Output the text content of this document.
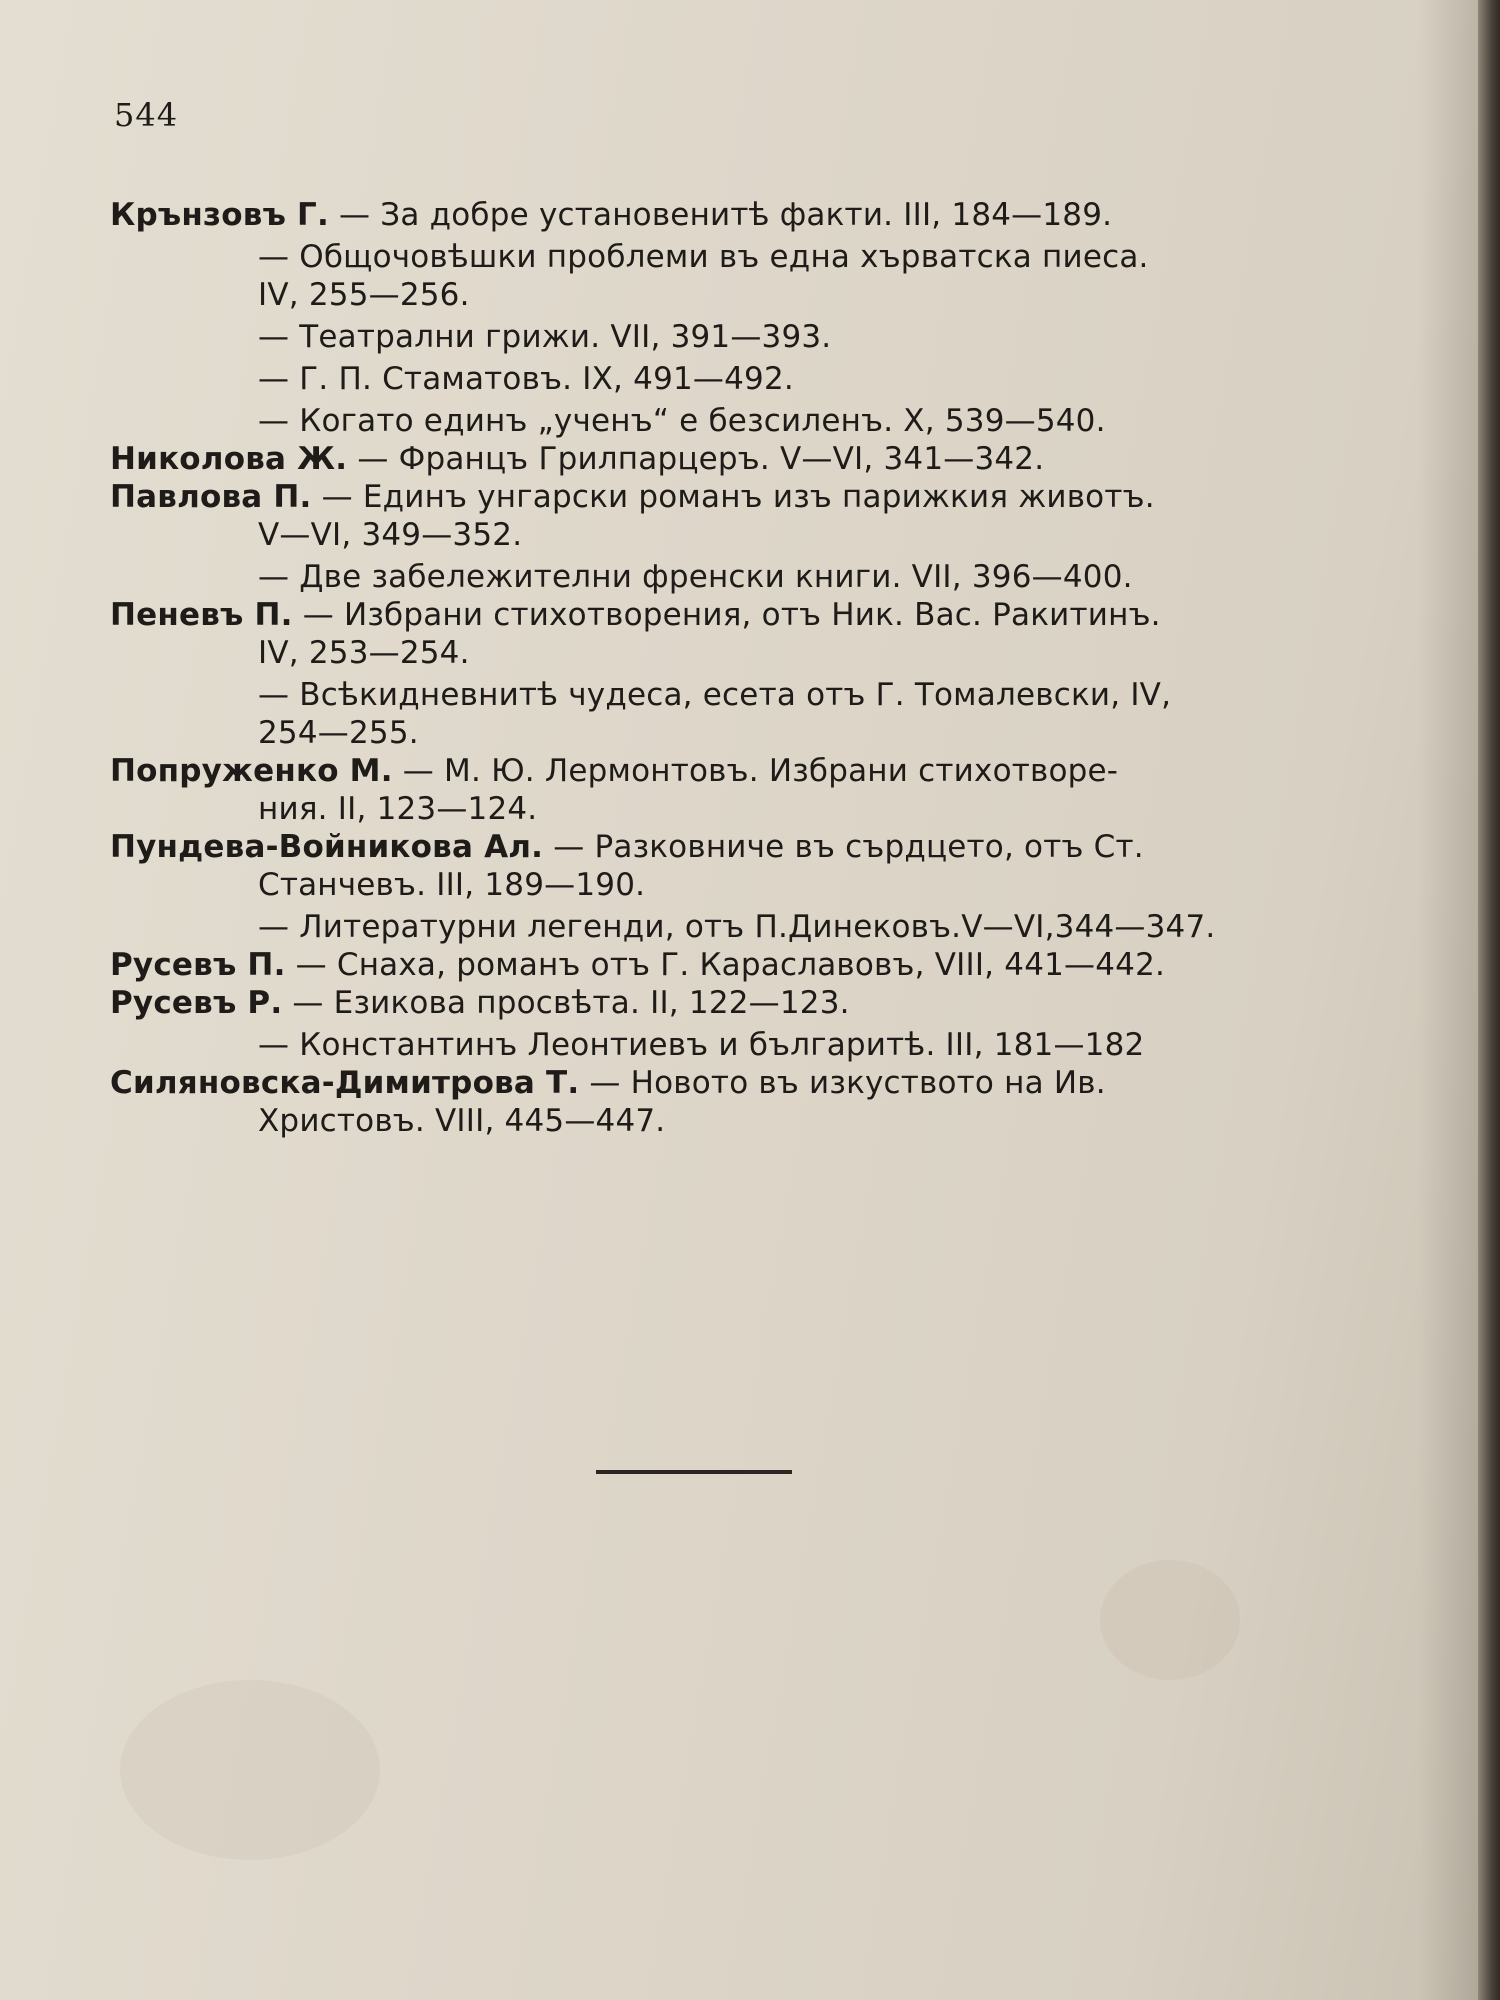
544
Крънзовъ Г. — За добре установенитѣ факти. III, 184—189.
— Общочовѣшки проблеми въ една хърватска пиеса.
IV, 255—256.
— Театрални грижи. VII, 391—393.
— Г. П. Стаматовъ. IX, 491—492.
— Когато единъ „ученъ“ е безсиленъ. X, 539—540.
Николова Ж. — Францъ Грилпарцеръ. V—VI, 341—342.
Павлова П. — Единъ унгарски романъ изъ парижкия животъ.
V—VI, 349—352.
— Две забележителни френски книги. VII, 396—400.
Пеневъ П. — Избрани стихотворения, отъ Ник. Вас. Ракитинъ.
IV, 253—254.
— Всѣкидневнитѣ чудеса, есета отъ Г. Томалевски, IV,
254—255.
Попруженко М. — М. Ю. Лермонтовъ. Избрани стихотворе-
ния. II, 123—124.
Пундева-Войникова Ал. — Разковниче въ сърдцето, отъ Ст.
Станчевъ. III, 189—190.
— Литературни легенди, отъ П.Динековъ.V—VI,344—347.
Русевъ П. — Снаха, романъ отъ Г. Караславовъ, VIII, 441—442.
Русевъ Р. — Езикова просвѣта. II, 122—123.
— Константинъ Леонтиевъ и българитѣ. III, 181—182
Силяновска-Димитрова Т. — Новото въ изкуството на Ив.
Христовъ. VIII, 445—447.
